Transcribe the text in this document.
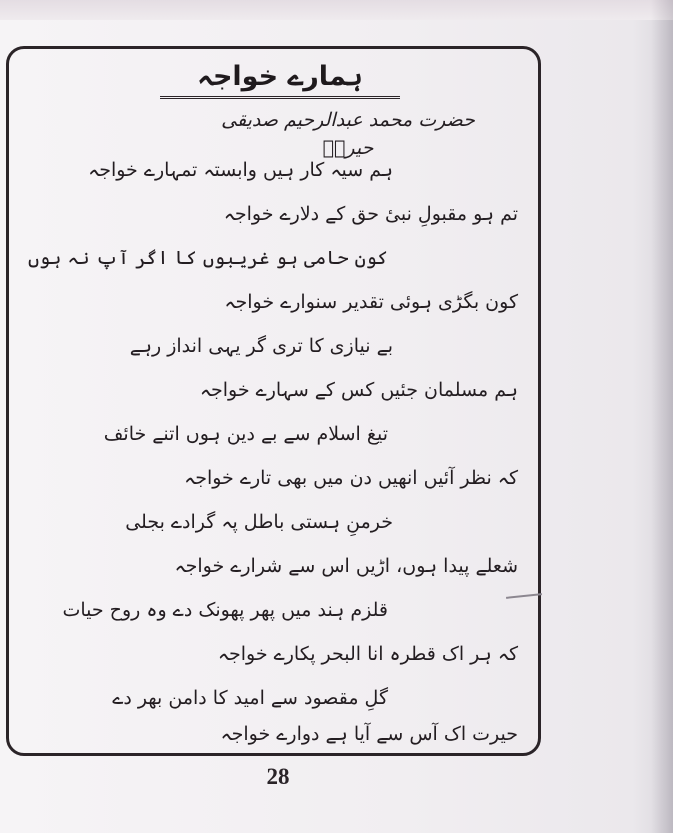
ہمارے خواجہ
حضرت محمد عبدالرحیم صدیقی حیرتؒ
ہم سیہ کار ہیں وابستہ تمہارے خواجہ
تم ہو مقبولِ نبیٔ حق کے دلارے خواجہ
کون حامی ہو غریبوں کا اگر آپ نہ ہوں
کون بگڑی ہوئی تقدیر سنوارے خواجہ
بے نیازی کا تری گر یہی انداز رہے
ہم مسلمان جئیں کس کے سہارے خواجہ
تیغ اسلام سے بے دین ہوں اتنے خائف
کہ نظر آئیں انھیں دن میں بھی تارے خواجہ
خرمنِ ہستی باطل پہ گرادے بجلی
شعلے پیدا ہوں، اڑیں اس سے شرارے خواجہ
قلزم ہند میں پھر پھونک دے وہ روح حیات
کہ ہر اک قطرہ انا البحر پکارے خواجہ
گلِ مقصود سے امید کا دامن بھر دے
حیرت اک آس سے آیا ہے دوارے خواجہ
28
